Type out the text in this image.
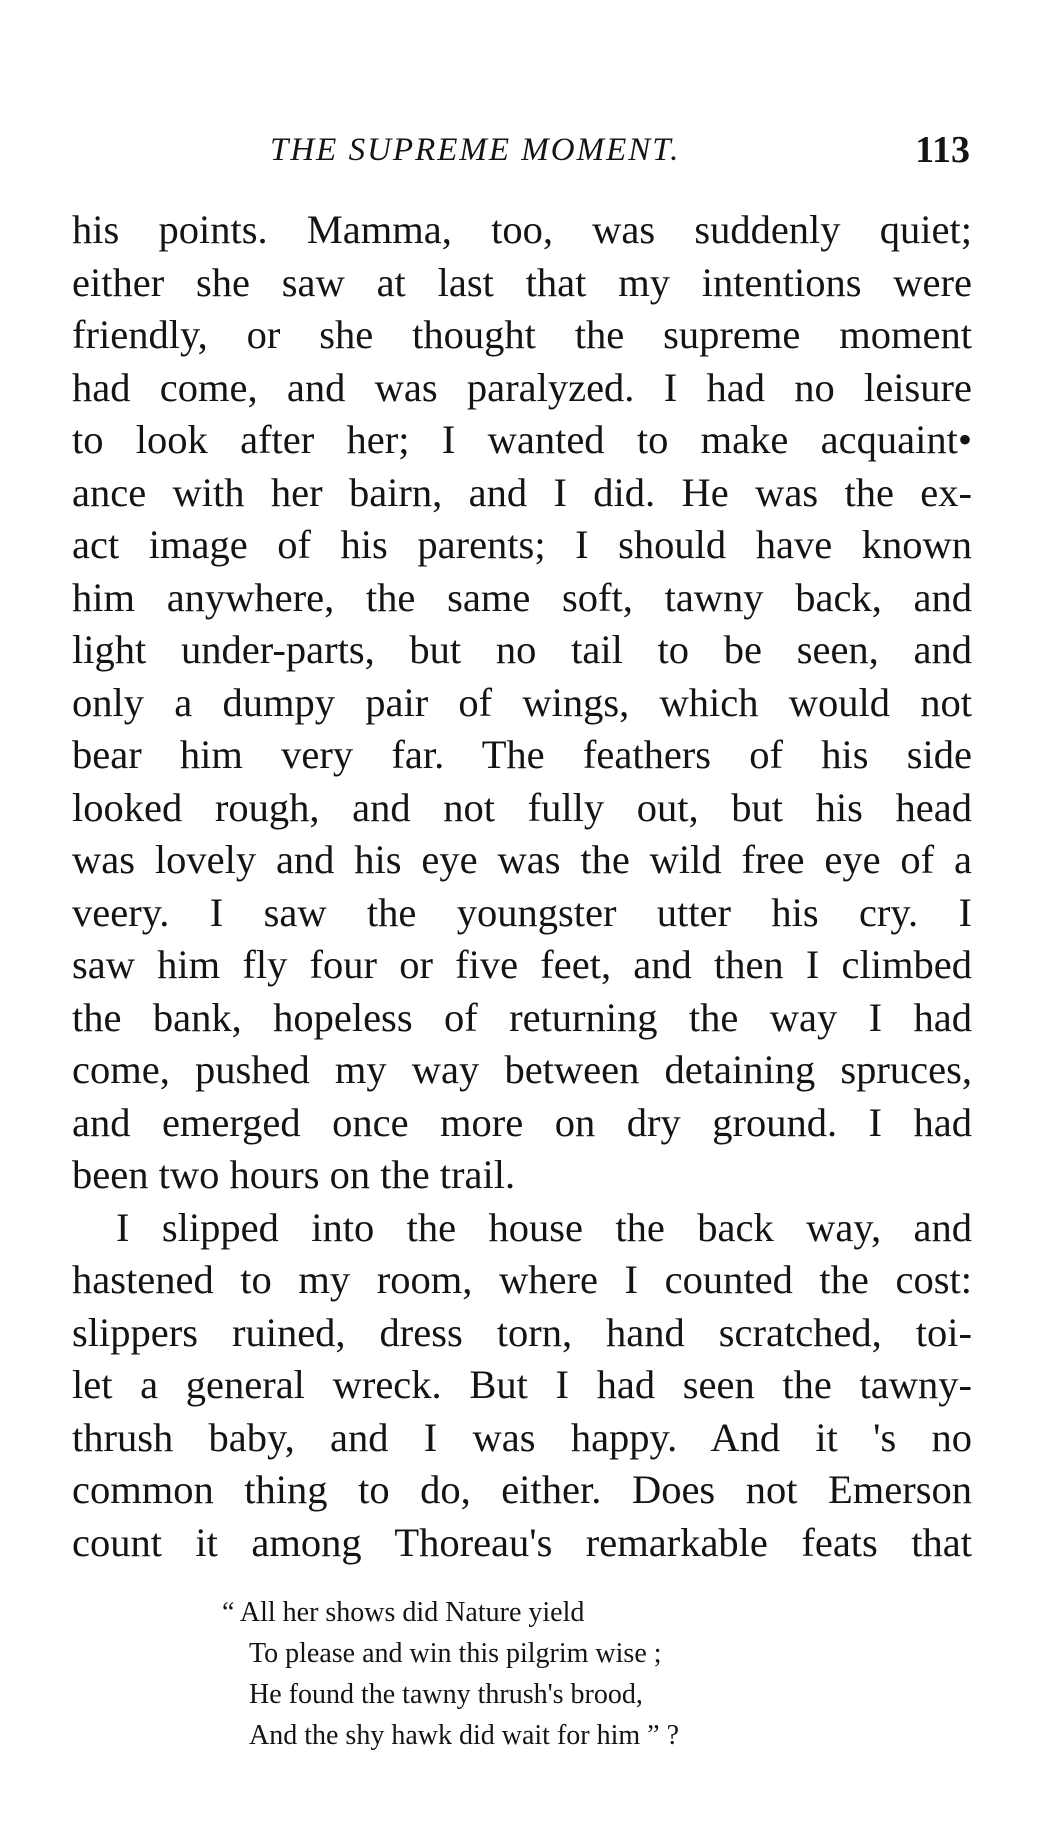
THE SUPREME MOMENT.	113
his points. Mamma, too, was suddenly quiet;
either she saw at last that my intentions were
friendly, or she thought the supreme moment
had come, and was paralyzed. I had no leisure
to look after her; I wanted to make acquaint•
ance with her bairn, and I did. He was the ex-
act image of his parents; I should have known
him anywhere, the same soft, tawny back, and
light under-parts, but no tail to be seen, and
only a dumpy pair of wings, which would not
bear him very far. The feathers of his side
looked rough, and not fully out, but his head
was lovely and his eye was the wild free eye of a
veery. I saw the youngster utter his cry. I
saw him fly four or five feet, and then I climbed
the bank, hopeless of returning the way I had
come, pushed my way between detaining spruces,
and emerged once more on dry ground. I had
been two hours on the trail.
I slipped into the house the back way, and
hastened to my room, where I counted the cost:
slippers ruined, dress torn, hand scratched, toi-
let a general wreck. But I had seen the tawny-
thrush baby, and I was happy. And it 's no
common thing to do, either. Does not Emerson
count it among Thoreau's remarkable feats that
“ All her shows did Nature yield
To please and win this pilgrim wise ;
He found the tawny thrush's brood,
And the shy hawk did wait for him ” ?
